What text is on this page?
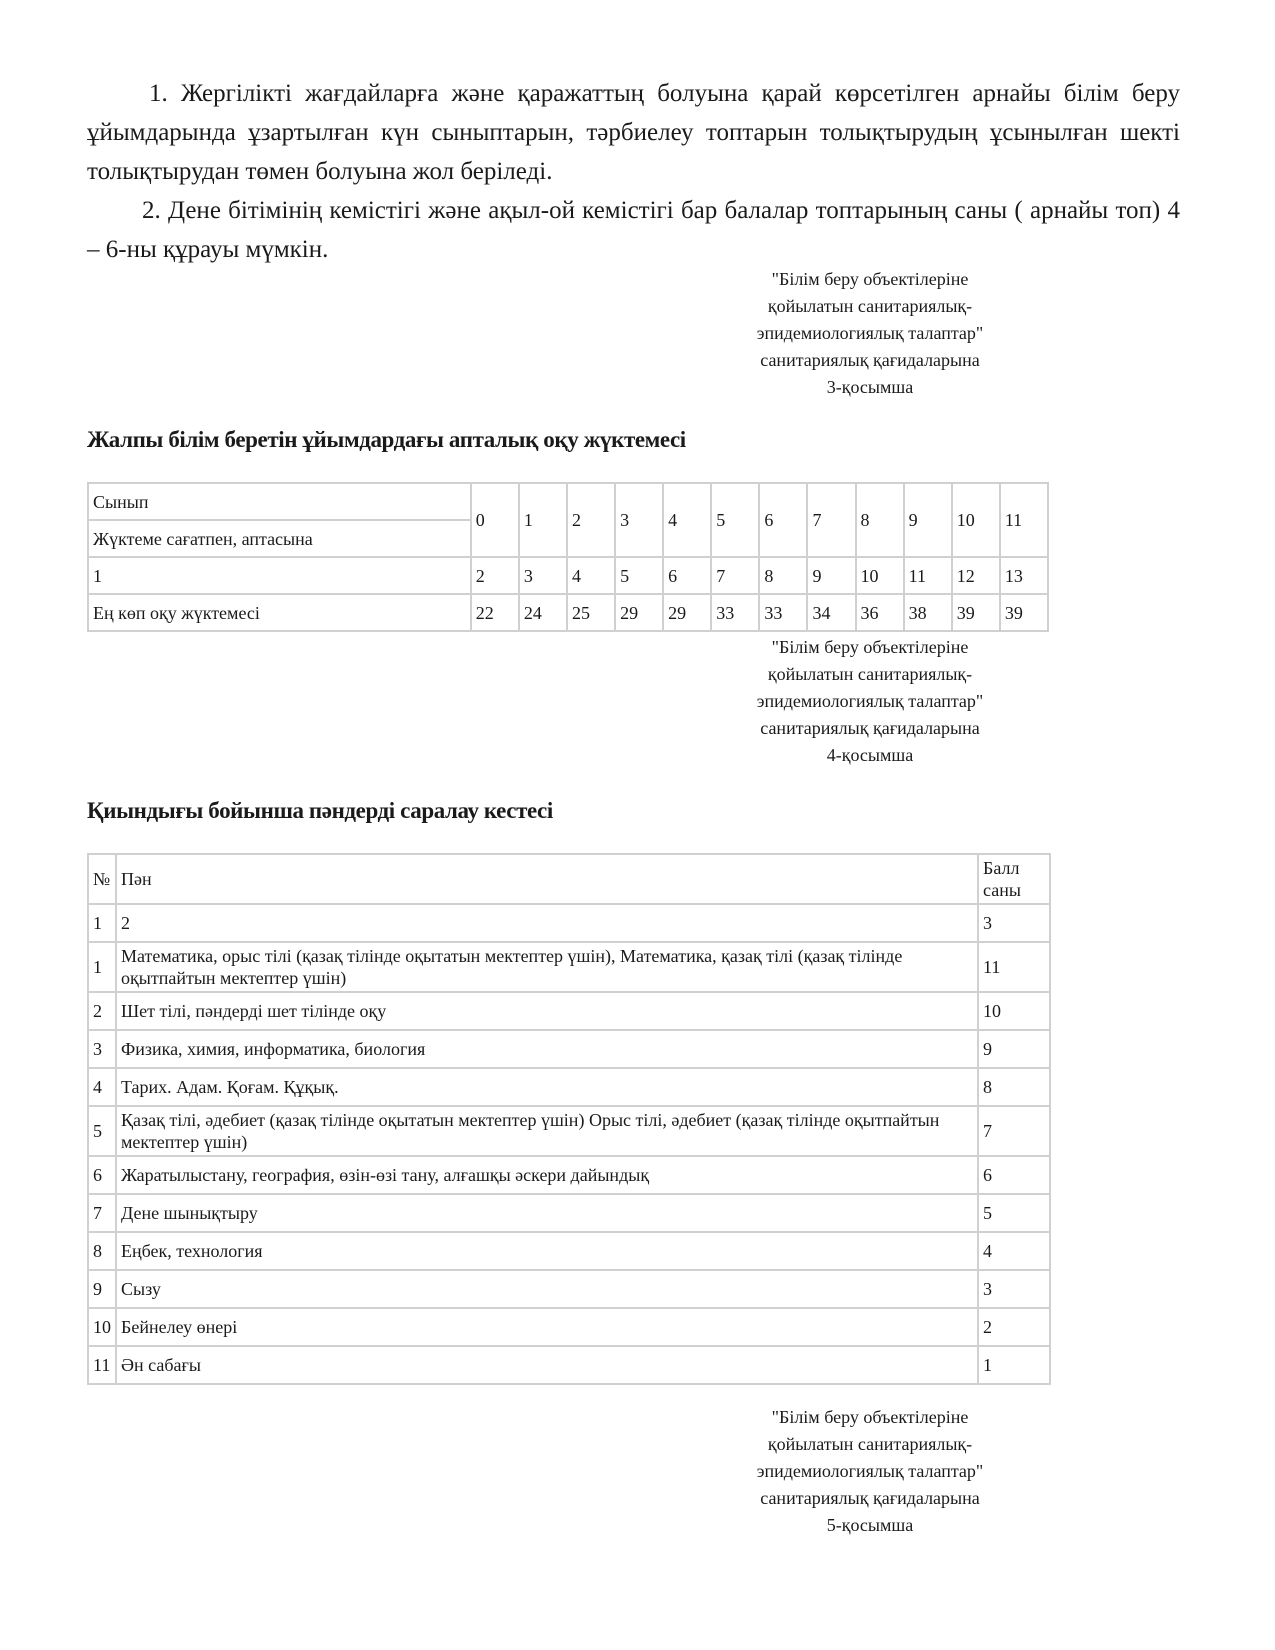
1. Жергілікті жағдайларға және қаражаттың болуына қарай көрсетілген арнайы білім беру ұйымдарында ұзартылған күн сыныптарын, тәрбиелеу топтарын толықтырудың ұсынылған шекті толықтырудан төмен болуына жол беріледі.

2. Дене бітімінің кемістігі және ақыл-ой кемістігі бар балалар топтарының саны ( арнайы топ) 4 – 6-ны құрауы мүмкін.

"Білім беру объектілеріне
қойылатын санитариялық-
эпидемиологиялық талаптар"
санитариялық қағидаларына
3-қосымша
Жалпы білім беретін ұйымдардағы апталық оқу жүктемесі
Сынып	0	1	2	3	4	5	6	7	8	9	10	11
Жүктеме сағатпен, аптасына												
1	2	3	4	5	6	7	8	9	10	11	12	13
Ең көп оқу жүктемесі	22	24	25	29	29	33	33	34	36	38	39	39
"Білім беру объектілеріне
қойылатын санитариялық-
эпидемиологиялық талаптар"
санитариялық қағидаларына
4-қосымша
Қиындығы бойынша пәндерді саралау кестесі
№	Пән	Балл саны
1	2	3
1	Математика, орыс тілі (қазақ тілінде оқытатын мектептер үшін), Математика, қазақ тілі (қазақ тілінде оқытпайтын мектептер үшін)	11
2	Шет тілі, пәндерді шет тілінде оқу	10
3	Физика, химия, информатика, биология	9
4	Тарих. Адам. Қоғам. Құқық.	8
5	Қазақ тілі, әдебиет (қазақ тілінде оқытатын мектептер үшін) Орыс тілі, әдебиет (қазақ тілінде оқытпайтын мектептер үшін)	7
6	Жаратылыстану, география, өзін-өзі тану, алғашқы әскери дайындық	6
7	Дене шынықтыру	5
8	Еңбек, технология	4
9	Сызу	3
10	Бейнелеу өнері	2
11	Ән сабағы	1
"Білім беру объектілеріне
қойылатын санитариялық-
эпидемиологиялық талаптар"
санитариялық қағидаларына
5-қосымша
